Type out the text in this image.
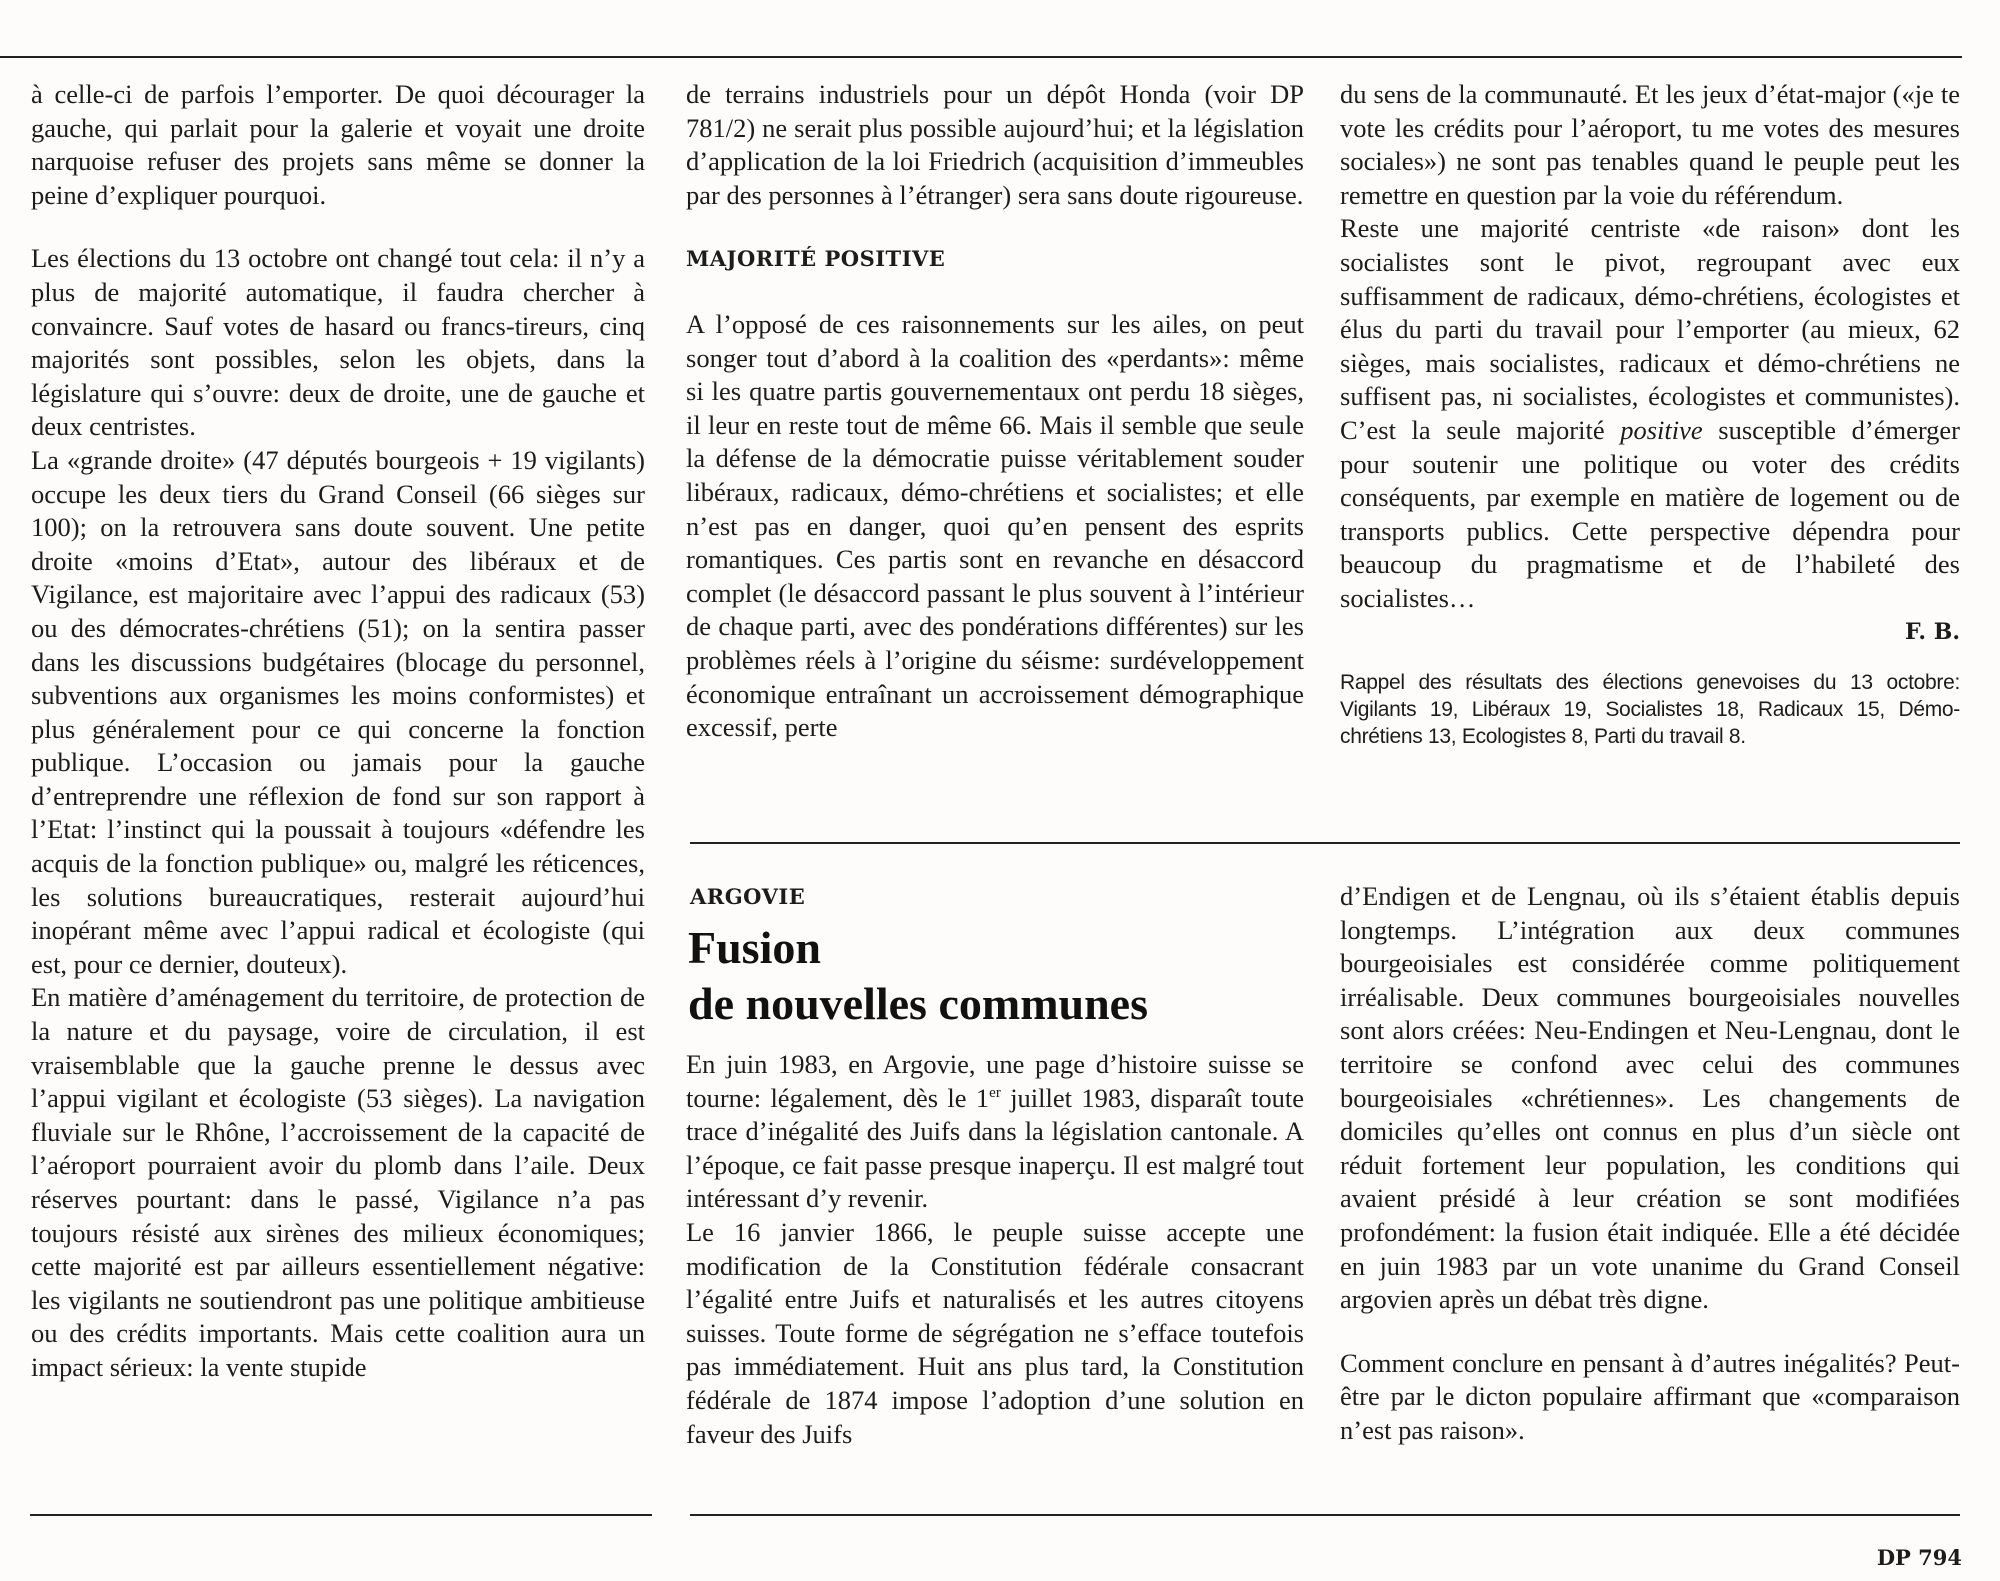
à celle-ci de parfois l’emporter. De quoi décourager la gauche, qui parlait pour la galerie et voyait une droite narquoise refuser des projets sans même se donner la peine d’expliquer pourquoi.

Les élections du 13 octobre ont changé tout cela: il n’y a plus de majorité automatique, il faudra chercher à convaincre. Sauf votes de hasard ou francs-tireurs, cinq majorités sont possibles, selon les objets, dans la législature qui s’ouvre: deux de droite, une de gauche et deux centristes.

La «grande droite» (47 députés bourgeois + 19 vigilants) occupe les deux tiers du Grand Conseil (66 sièges sur 100); on la retrouvera sans doute souvent. Une petite droite «moins d’Etat», autour des libéraux et de Vigilance, est majoritaire avec l’appui des radicaux (53) ou des démocrates-chrétiens (51); on la sentira passer dans les discussions budgétaires (blocage du personnel, subventions aux organismes les moins conformistes) et plus généralement pour ce qui concerne la fonction publique. L’occasion ou jamais pour la gauche d’entreprendre une réflexion de fond sur son rapport à l’Etat: l’instinct qui la poussait à toujours «défendre les acquis de la fonction publique» ou, malgré les réticences, les solutions bureaucratiques, resterait aujourd’hui inopérant même avec l’appui radical et écologiste (qui est, pour ce dernier, douteux).

En matière d’aménagement du territoire, de protection de la nature et du paysage, voire de circulation, il est vraisemblable que la gauche prenne le dessus avec l’appui vigilant et écologiste (53 sièges). La navigation fluviale sur le Rhône, l’accroissement de la capacité de l’aéroport pourraient avoir du plomb dans l’aile. Deux réserves pourtant: dans le passé, Vigilance n’a pas toujours résisté aux sirènes des milieux économiques; cette majorité est par ailleurs essentiellement négative: les vigilants ne soutiendront pas une politique ambitieuse ou des crédits importants. Mais cette coalition aura un impact sérieux: la vente stupide

de terrains industriels pour un dépôt Honda (voir DP 781/2) ne serait plus possible aujourd’hui; et la législation d’application de la loi Friedrich (acquisition d’immeubles par des personnes à l’étranger) sera sans doute rigoureuse.

MAJORITÉ POSITIVE

A l’opposé de ces raisonnements sur les ailes, on peut songer tout d’abord à la coalition des «perdants»: même si les quatre partis gouvernementaux ont perdu 18 sièges, il leur en reste tout de même 66. Mais il semble que seule la défense de la démocratie puisse véritablement souder libéraux, radicaux, démo-chrétiens et socialistes; et elle n’est pas en danger, quoi qu’en pensent des esprits romantiques. Ces partis sont en revanche en désaccord complet (le désaccord passant le plus souvent à l’intérieur de chaque parti, avec des pondérations différentes) sur les problèmes réels à l’origine du séisme: surdéveloppement économique entraînant un accroissement démographique excessif, perte

du sens de la communauté. Et les jeux d’état-major («je te vote les crédits pour l’aéroport, tu me votes des mesures sociales») ne sont pas tenables quand le peuple peut les remettre en question par la voie du référendum.

Reste une majorité centriste «de raison» dont les socialistes sont le pivot, regroupant avec eux suffisamment de radicaux, démo-chrétiens, écologistes et élus du parti du travail pour l’emporter (au mieux, 62 sièges, mais socialistes, radicaux et démo-chrétiens ne suffisent pas, ni socialistes, écologistes et communistes). C’est la seule majorité positive susceptible d’émerger pour soutenir une politique ou voter des crédits conséquents, par exemple en matière de logement ou de transports publics. Cette perspective dépendra pour beaucoup du pragmatisme et de l’habileté des socialistes…

F. B.
Rappel des résultats des élections genevoises du 13 octobre: Vigilants 19, Libéraux 19, Socialistes 18, Radicaux 15, Démo-chrétiens 13, Ecologistes 8, Parti du travail 8.
ARGOVIE
Fusion
de nouvelles communes

En juin 1983, en Argovie, une page d’histoire suisse se tourne: légalement, dès le 1er juillet 1983, disparaît toute trace d’inégalité des Juifs dans la législation cantonale. A l’époque, ce fait passe presque inaperçu. Il est malgré tout intéressant d’y revenir.

Le 16 janvier 1866, le peuple suisse accepte une modification de la Constitution fédérale consacrant l’égalité entre Juifs et naturalisés et les autres citoyens suisses. Toute forme de ségrégation ne s’efface toutefois pas immédiatement. Huit ans plus tard, la Constitution fédérale de 1874 impose l’adoption d’une solution en faveur des Juifs

d’Endigen et de Lengnau, où ils s’étaient établis depuis longtemps. L’intégration aux deux communes bourgeoisiales est considérée comme politiquement irréalisable. Deux communes bourgeoisiales nouvelles sont alors créées: Neu-Endingen et Neu-Lengnau, dont le territoire se confond avec celui des communes bourgeoisiales «chrétiennes». Les changements de domiciles qu’elles ont connus en plus d’un siècle ont réduit fortement leur population, les conditions qui avaient présidé à leur création se sont modifiées profondément: la fusion était indiquée. Elle a été décidée en juin 1983 par un vote unanime du Grand Conseil argovien après un débat très digne.

Comment conclure en pensant à d’autres inégalités? Peut-être par le dicton populaire affirmant que «comparaison n’est pas raison».

DP 794
